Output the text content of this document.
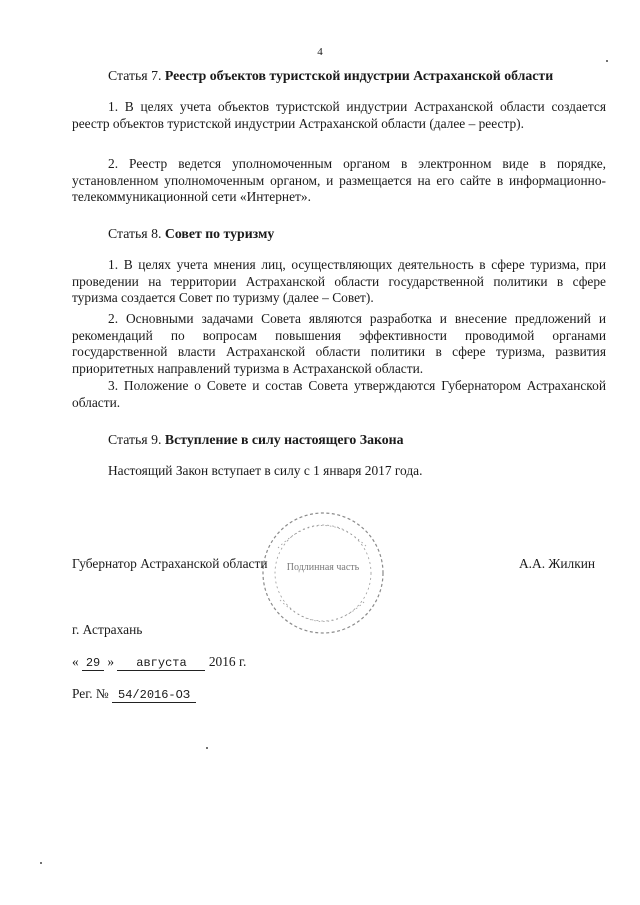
4
Статья 7. Реестр объектов туристской индустрии Астраханской области

1. В целях учета объектов туристской индустрии Астраханской области создается реестр объектов туристской индустрии Астраханской области (далее – реестр).

2. Реестр ведется уполномоченным органом в электронном виде в порядке, установленном уполномоченным органом, и размещается на его сайте в информационно-телекоммуникационной сети «Интернет».

Статья 8. Совет по туризму

1. В целях учета мнения лиц, осуществляющих деятельность в сфере туризма, при проведении на территории Астраханской области государственной политики в сфере туризма создается Совет по туризму (далее – Совет).

2. Основными задачами Совета являются разработка и внесение предложений и рекомендаций по вопросам повышения эффективности проводимой органами государственной власти Астраханской области политики в сфере туризма, развития приоритетных направлений туризма в Астраханской области.

3. Положение о Совете и состав Совета утверждаются Губернатором Астраханской области.

Статья 9. Вступление в силу настоящего Закона

Настоящий Закон вступает в силу с 1 января 2017 года.

Подлинная часть
Губернатор Астраханской области	А.А. Жилкин
г. Астрахань
« 29 » августа 2016 г.
Рег. № 54/2016-ОЗ
